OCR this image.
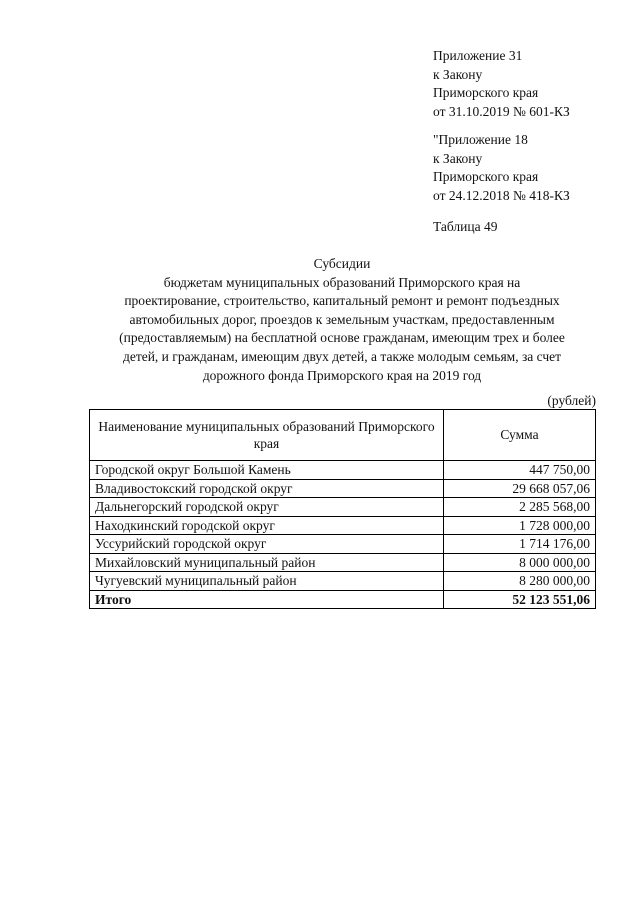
Приложение 31
к Закону
Приморского края
от 31.10.2019 № 601-КЗ
"Приложение 18
к Закону
Приморского края
от 24.12.2018 № 418-КЗ
Таблица 49
Субсидии
бюджетам муниципальных образований Приморского края на
проектирование, строительство, капитальный ремонт и ремонт подъездных
автомобильных дорог, проездов к земельным участкам, предоставленным
(предоставляемым) на бесплатной основе гражданам, имеющим трех и более
детей, и гражданам, имеющим двух детей, а также молодым семьям, за счет
дорожного фонда Приморского края на 2019 год
(рублей)
Наименование муниципальных образований Приморского края	Сумма
Городской округ Большой Камень	447 750,00
Владивостокский городской округ	29 668 057,06
Дальнегорский городской округ	2 285 568,00
Находкинский городской округ	1 728 000,00
Уссурийский городской округ	1 714 176,00
Михайловский муниципальный район	8 000 000,00
Чугуевский муниципальный район	8 280 000,00
Итого	52 123 551,06
